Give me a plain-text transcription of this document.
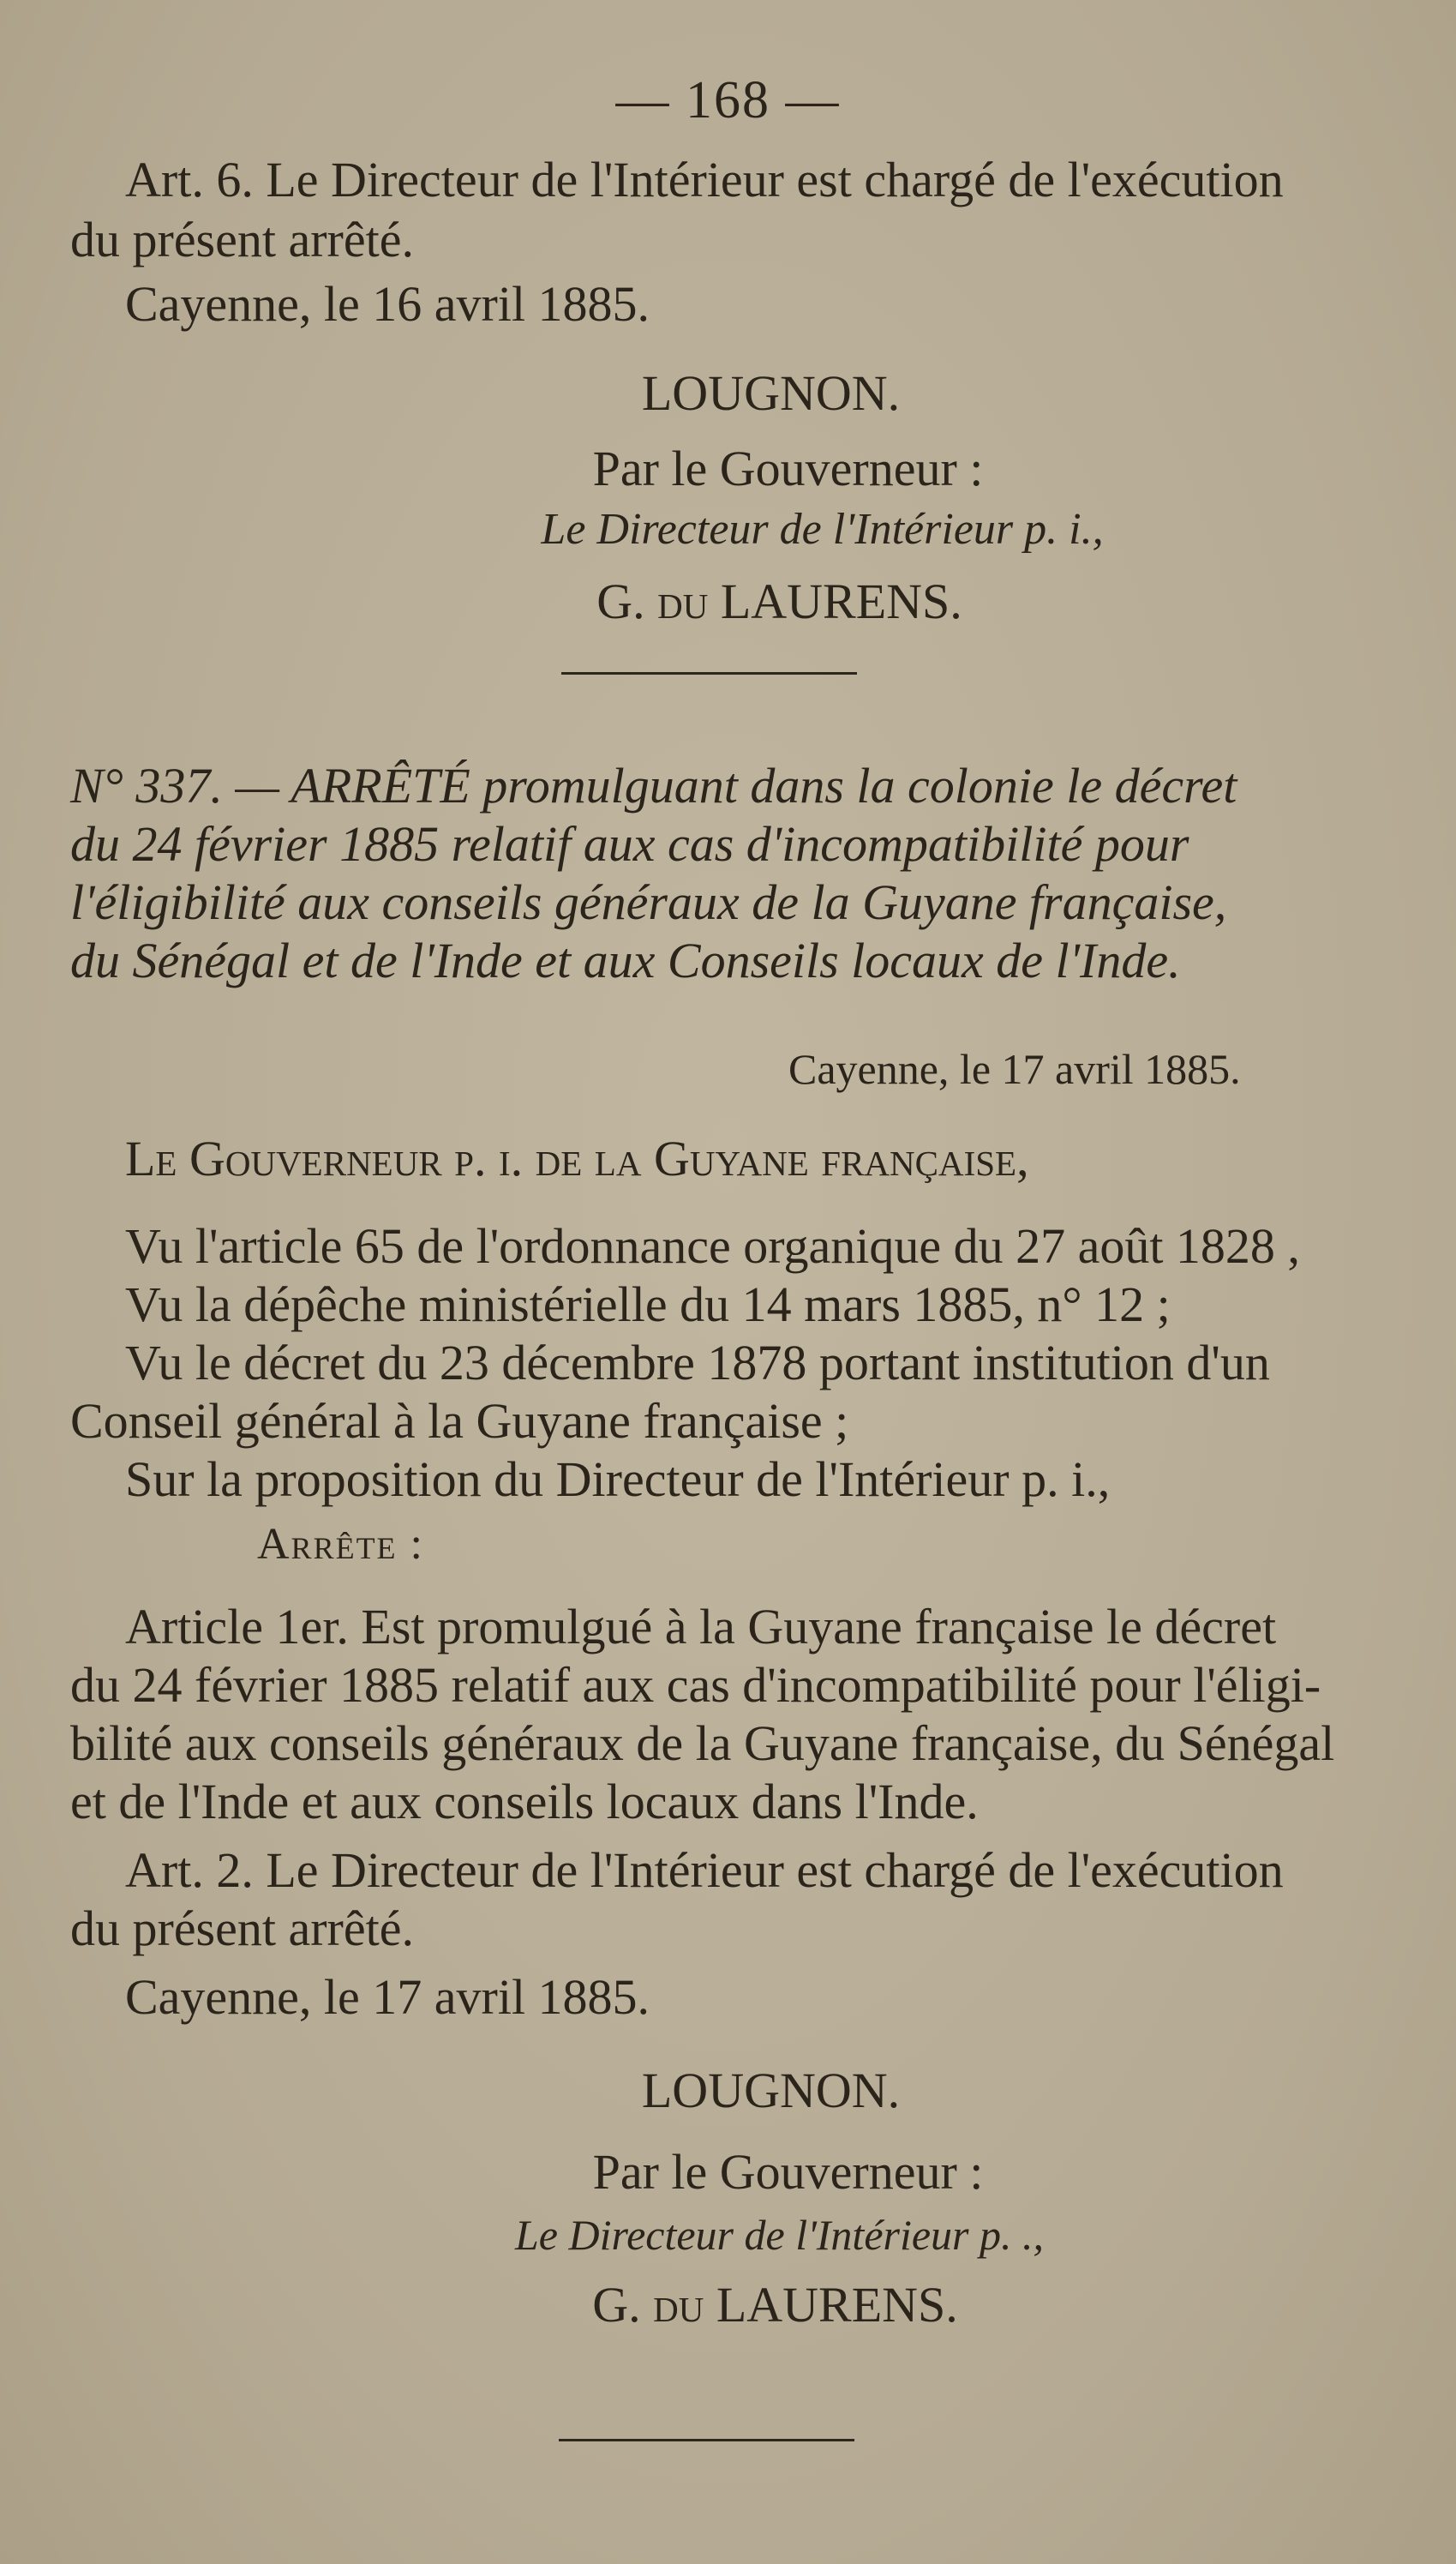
— 168 —
Art. 6. Le Directeur de l'Intérieur est chargé de l'exécution
du présent arrêté.
Cayenne, le 16 avril 1885.
LOUGNON.
Par le Gouverneur :
Le Directeur de l'Intérieur p. i.,
G. du LAURENS.
N° 337. — ARRÊTÉ promulguant dans la colonie le décret
du 24 février 1885 relatif aux cas d'incompatibilité pour
l'éligibilité aux conseils généraux de la Guyane française,
du Sénégal et de l'Inde et aux Conseils locaux de l'Inde.
Cayenne, le 17 avril 1885.
Le Gouverneur p. i. de la Guyane française,
Vu l'article 65 de l'ordonnance organique du 27 août 1828 ,
Vu la dépêche ministérielle du 14 mars 1885, n° 12 ;
Vu le décret du 23 décembre 1878 portant institution d'un
Conseil général à la Guyane française ;
Sur la proposition du Directeur de l'Intérieur p. i.,
Arrête :
Article 1er. Est promulgué à la Guyane française le décret
du 24 février 1885 relatif aux cas d'incompatibilité pour l'éligi-
bilité aux conseils généraux de la Guyane française, du Sénégal
et de l'Inde et aux conseils locaux dans l'Inde.
Art. 2. Le Directeur de l'Intérieur est chargé de l'exécution
du présent arrêté.
Cayenne, le 17 avril 1885.
LOUGNON.
Par le Gouverneur :
Le Directeur de l'Intérieur p. .,
G. du LAURENS.
